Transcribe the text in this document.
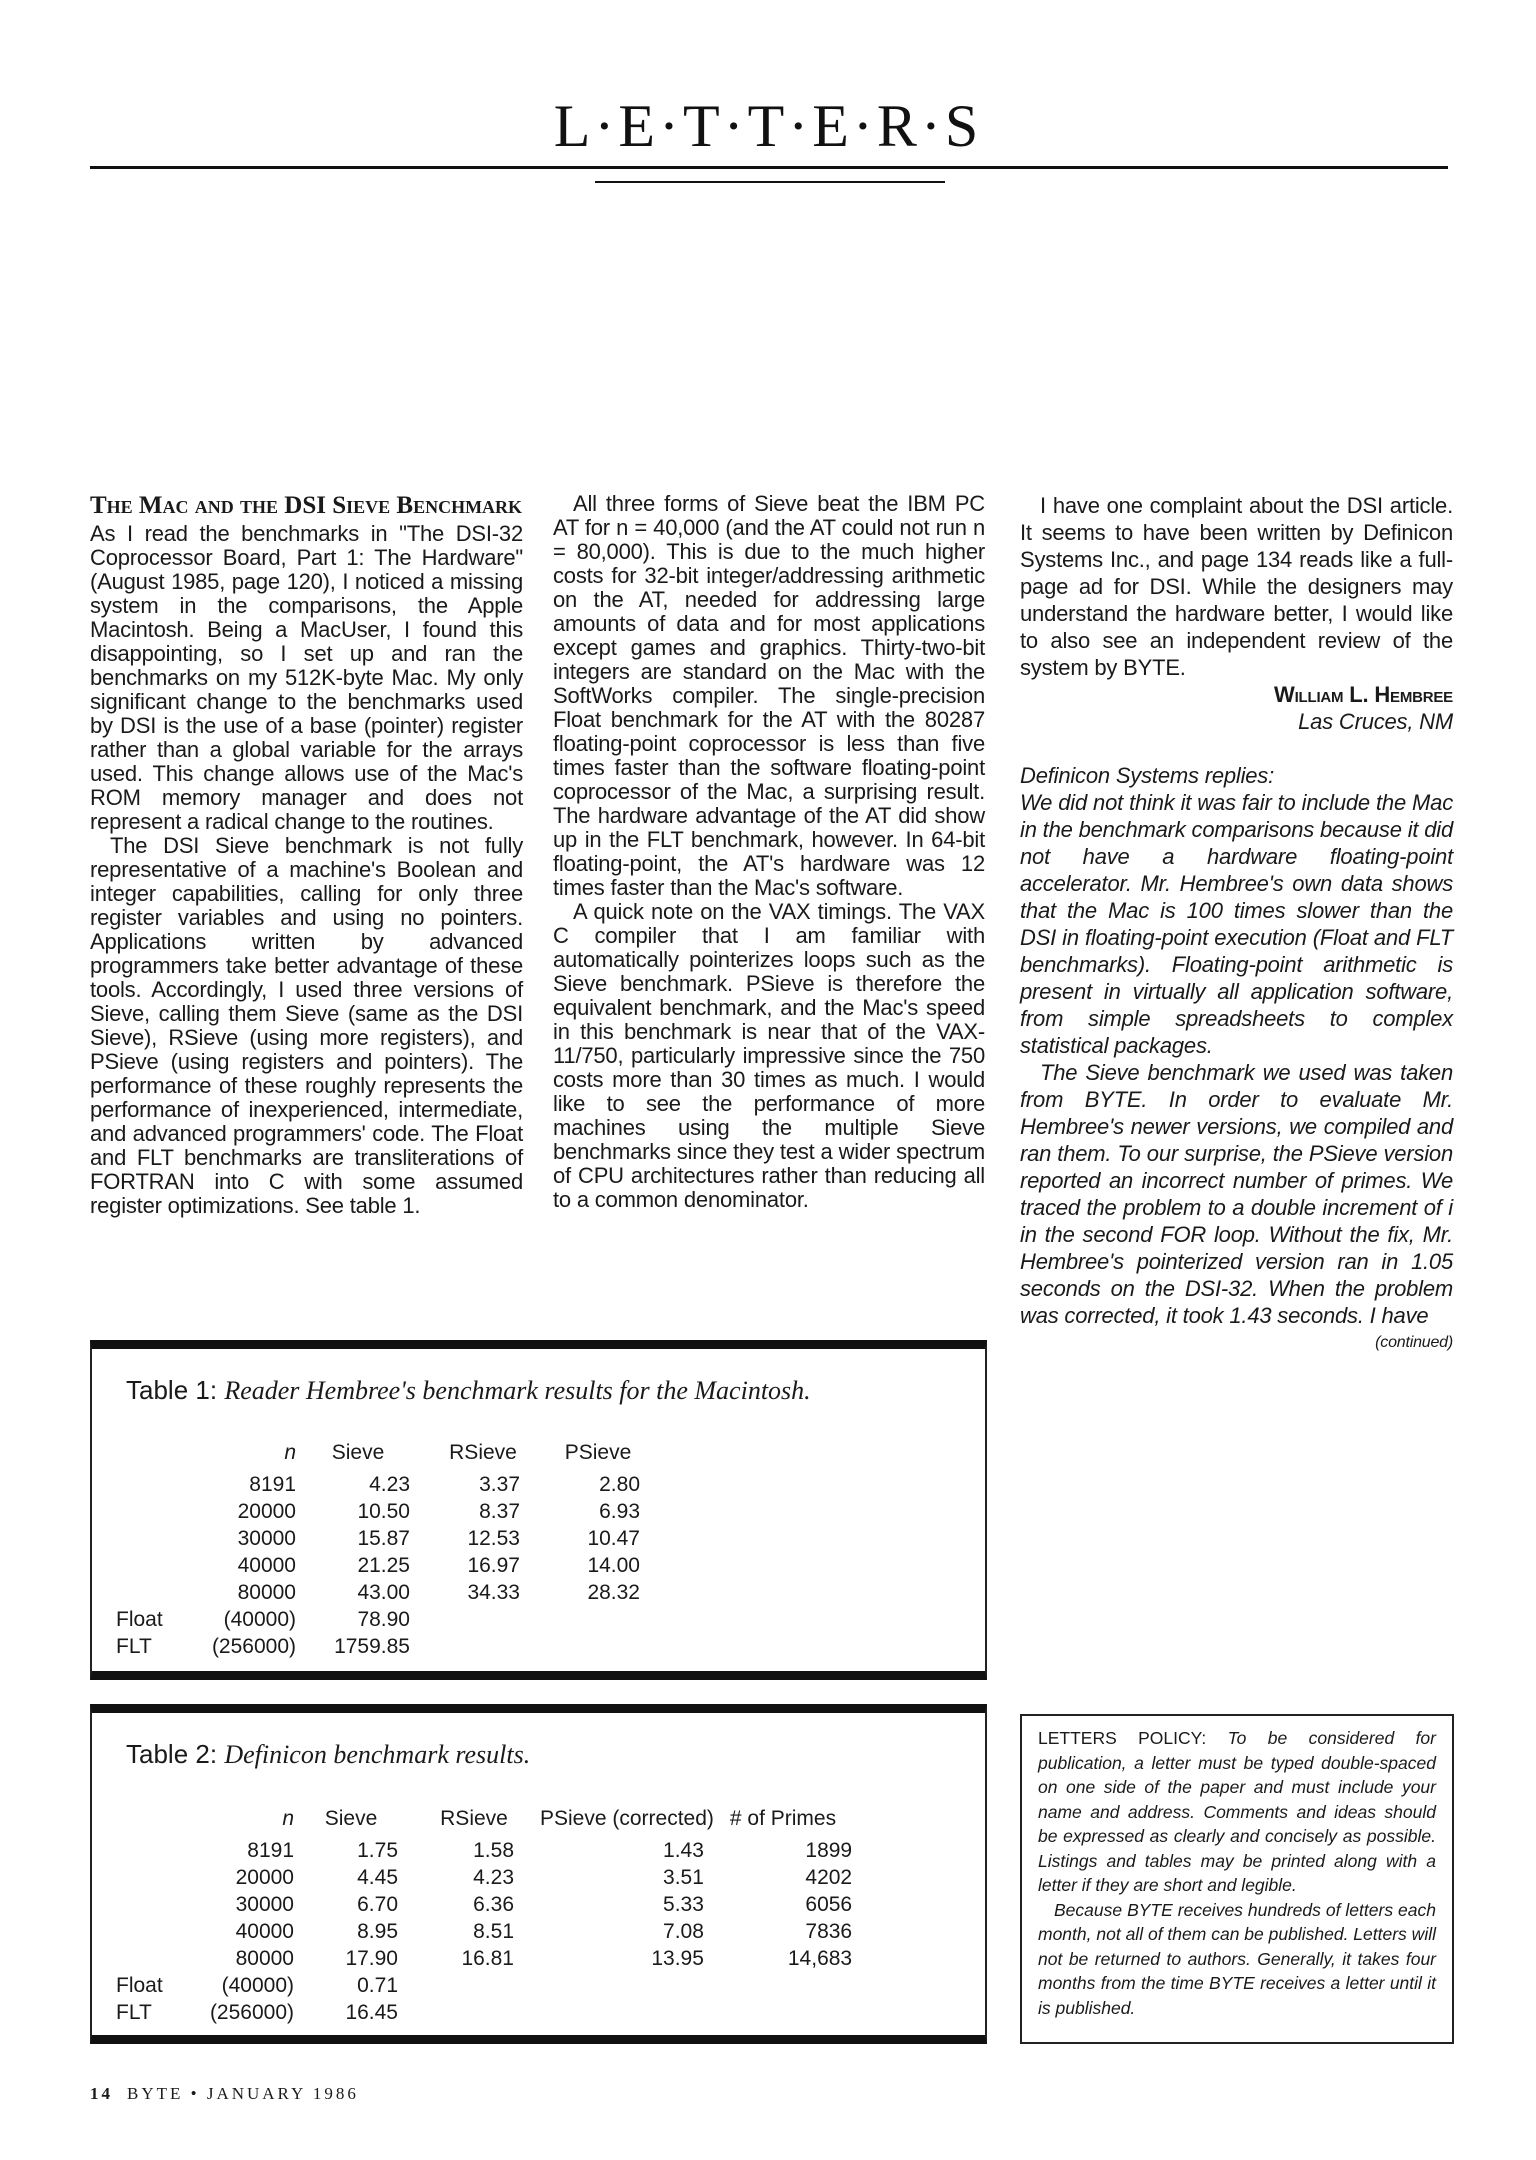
L·E·T·T·E·R·S
The Mac and the DSI Sieve Benchmark

As I read the benchmarks in "The DSI-32 Coprocessor Board, Part 1: The Hardware" (August 1985, page 120), I noticed a missing system in the comparisons, the Apple Macintosh. Being a MacUser, I found this disappointing, so I set up and ran the benchmarks on my 512K-byte Mac. My only significant change to the benchmarks used by DSI is the use of a base (pointer) register rather than a global variable for the arrays used. This change allows use of the Mac's ROM memory manager and does not represent a radical change to the routines.

The DSI Sieve benchmark is not fully representative of a machine's Boolean and integer capabilities, calling for only three register variables and using no pointers. Applications written by advanced programmers take better advantage of these tools. Accordingly, I used three versions of Sieve, calling them Sieve (same as the DSI Sieve), RSieve (using more registers), and PSieve (using registers and pointers). The performance of these roughly represents the performance of inexperienced, intermediate, and advanced programmers' code. The Float and FLT benchmarks are transliterations of FORTRAN into C with some assumed register optimizations. See table 1.

All three forms of Sieve beat the IBM PC AT for n = 40,000 (and the AT could not run n = 80,000). This is due to the much higher costs for 32-bit integer/addressing arithmetic on the AT, needed for addressing large amounts of data and for most applications except games and graphics. Thirty-two-bit integers are standard on the Mac with the SoftWorks compiler. The single-precision Float benchmark for the AT with the 80287 floating-point coprocessor is less than five times faster than the software floating-point coprocessor of the Mac, a surprising result. The hardware advantage of the AT did show up in the FLT benchmark, however. In 64-bit floating-point, the AT's hardware was 12 times faster than the Mac's software.

A quick note on the VAX timings. The VAX C compiler that I am familiar with automatically pointerizes loops such as the Sieve benchmark. PSieve is therefore the equivalent benchmark, and the Mac's speed in this benchmark is near that of the VAX-11/750, particularly impressive since the 750 costs more than 30 times as much. I would like to see the performance of more machines using the multiple Sieve benchmarks since they test a wider spectrum of CPU architectures rather than reducing all to a common denominator.

I have one complaint about the DSI article. It seems to have been written by Definicon Systems Inc., and page 134 reads like a full-page ad for DSI. While the designers may understand the hardware better, I would like to also see an independent review of the system by BYTE.

William L. Hembree

Las Cruces, NM

Definicon Systems replies:

We did not think it was fair to include the Mac in the benchmark comparisons because it did not have a hardware floating-point accelerator. Mr. Hembree's own data shows that the Mac is 100 times slower than the DSI in floating-point execution (Float and FLT benchmarks). Floating-point arithmetic is present in virtually all application software, from simple spreadsheets to complex statistical packages.

The Sieve benchmark we used was taken from BYTE. In order to evaluate Mr. Hembree's newer versions, we compiled and ran them. To our surprise, the PSieve version reported an incorrect number of primes. We traced the problem to a double increment of i in the second FOR loop. Without the fix, Mr. Hembree's pointerized version ran in 1.05 seconds on the DSI-32. When the problem was corrected, it took 1.43 seconds. I have

(continued)

Table 1: Reader Hembree's benchmark results for the Macintosh.
	n	Sieve	RSieve	PSieve
	8191	4.23	3.37	2.80
	20000	10.50	8.37	6.93
	30000	15.87	12.53	10.47
	40000	21.25	16.97	14.00
	80000	43.00	34.33	28.32
Float	(40000)	78.90		
FLT	(256000)	1759.85		
Table 2: Definicon benchmark results.
	n	Sieve	RSieve	PSieve (corrected)	# of Primes
	8191	1.75	1.58	1.43	1899
	20000	4.45	4.23	3.51	4202
	30000	6.70	6.36	5.33	6056
	40000	8.95	8.51	7.08	7836
	80000	17.90	16.81	13.95	14,683
Float	(40000)	0.71			
FLT	(256000)	16.45			

LETTERS POLICY: To be considered for publication, a letter must be typed double-spaced on one side of the paper and must include your name and address. Comments and ideas should be expressed as clearly and concisely as possible. Listings and tables may be printed along with a letter if they are short and legible.

Because BYTE receives hundreds of letters each month, not all of them can be published. Letters will not be returned to authors. Generally, it takes four months from the time BYTE receives a letter until it is published.

14 BYTE • JANUARY 1986
